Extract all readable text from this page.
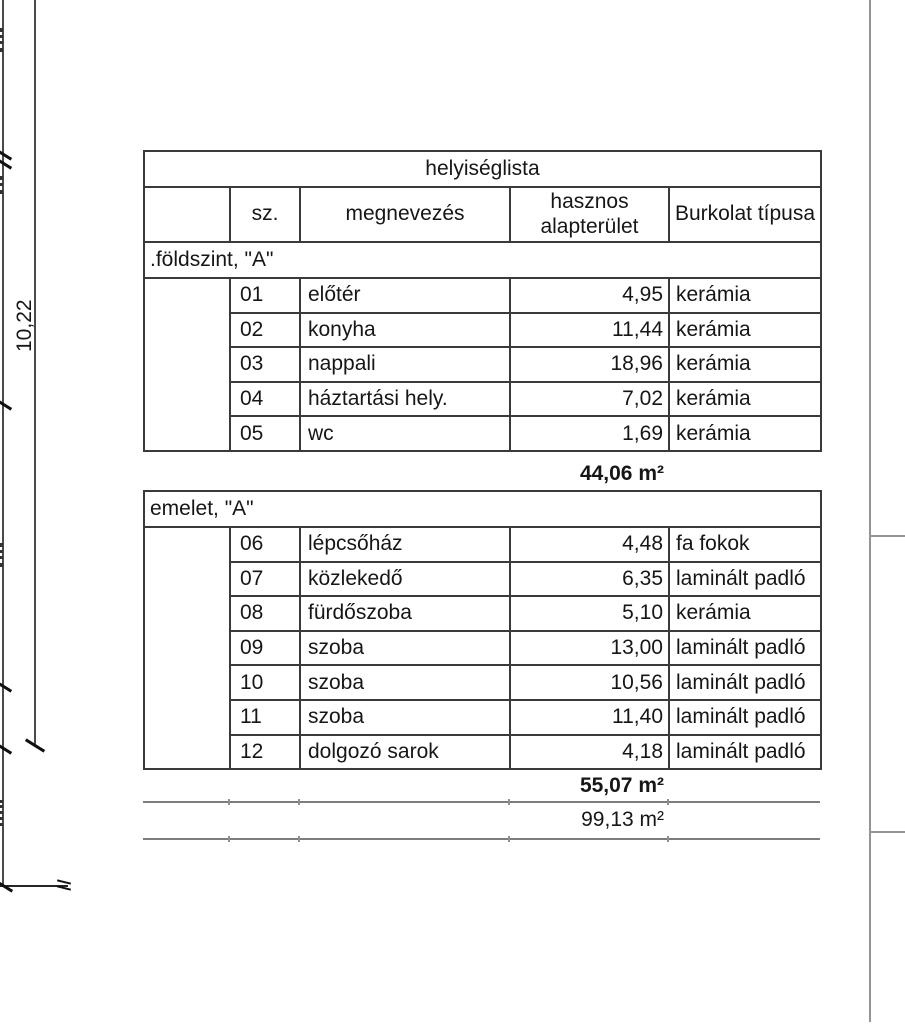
10,22
helyiséglista				
	sz.	megnevezés	hasznos alapterület	Burkolat típusa
.földszint, "A"				
	01	előtér	4,95	kerámia
	02	konyha	11,44	kerámia
	03	nappali	18,96	kerámia
	04	háztartási hely.	7,02	kerámia
	05	wc	1,69	kerámia
44,06 m²
emelet, "A"				
	06	lépcsőház	4,48	fa fokok
	07	közlekedő	6,35	laminált padló
	08	fürdőszoba	5,10	kerámia
	09	szoba	13,00	laminált padló
	10	szoba	10,56	laminált padló
	11	szoba	11,40	laminált padló
	12	dolgozó sarok	4,18	laminált padló
55,07 m²
99,13 m²
